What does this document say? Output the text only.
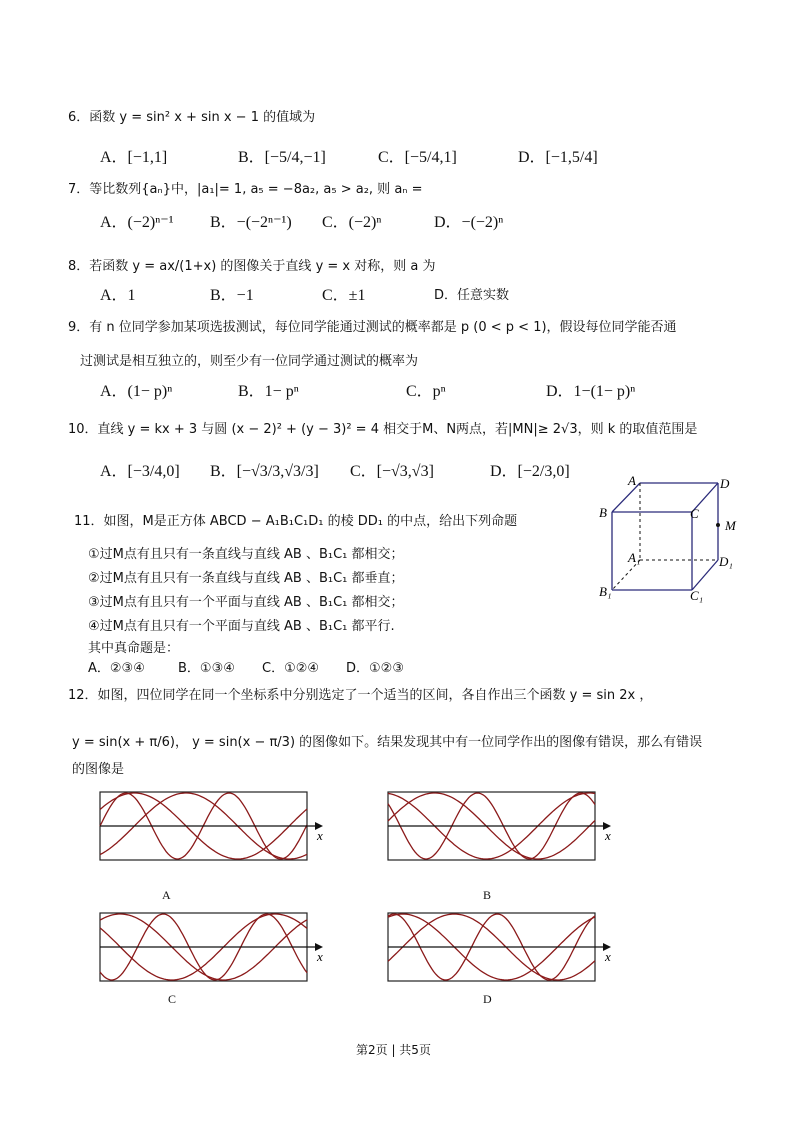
6．函数 y = sin² x + sin x − 1 的值域为
A．[−1,1]	B．[−5/4,−1]	C．[−5/4,1]	D．[−1,5/4]
7．等比数列{aₙ}中，|a₁|= 1, a₅ = −8a₂, a₅ > a₂, 则 aₙ =
A．(−2)ⁿ⁻¹ B．−(−2ⁿ⁻¹) C．(−2)ⁿ	D．−(−2)ⁿ
8．若函数 y = ax/(1+x) 的图像关于直线 y = x 对称，则 a 为
A．1	B．−1	C．±1	D．任意实数
9．有 n 位同学参加某项选拔测试，每位同学能通过测试的概率都是 p (0 < p < 1)，假设每位同学能否通
过测试是相互独立的，则至少有一位同学通过测试的概率为
A．(1− p)ⁿ	B．1− pⁿ	C．pⁿ	D．1−(1− p)ⁿ
10．直线 y = kx + 3 与圆 (x − 2)² + (y − 3)² = 4 相交于M、N两点，若|MN|≥ 2√3，则 k 的取值范围是
A．[−3/4,0] B．[−√3/3,√3/3] C．[−√3,√3]	D．[−2/3,0]
11．如图，M是正方体 ABCD − A₁B₁C₁D₁ 的棱 DD₁ 的中点，给出下列命题
①过M点有且只有一条直线与直线 AB 、B₁C₁ 都相交；
②过M点有且只有一条直线与直线 AB 、B₁C₁ 都垂直；
③过M点有且只有一个平面与直线 AB 、B₁C₁ 都相交；
④过M点有且只有一个平面与直线 AB 、B₁C₁ 都平行.
其中真命题是：
A．②③④	B．①③④ C．①②④ D．①②③
A	D
B	C
M
A₁	D₁
B₁	C₁
12．如图，四位同学在同一个坐标系中分别选定了一个适当的区间，各自作出三个函数 y = sin 2x ，
y = sin(x + π/6)， y = sin(x − π/3) 的图像如下。结果发现其中有一位同学作出的图像有错误，那么有错误
的图像是
x	x
x	x
A	B
C	D
第2页 | 共5页
